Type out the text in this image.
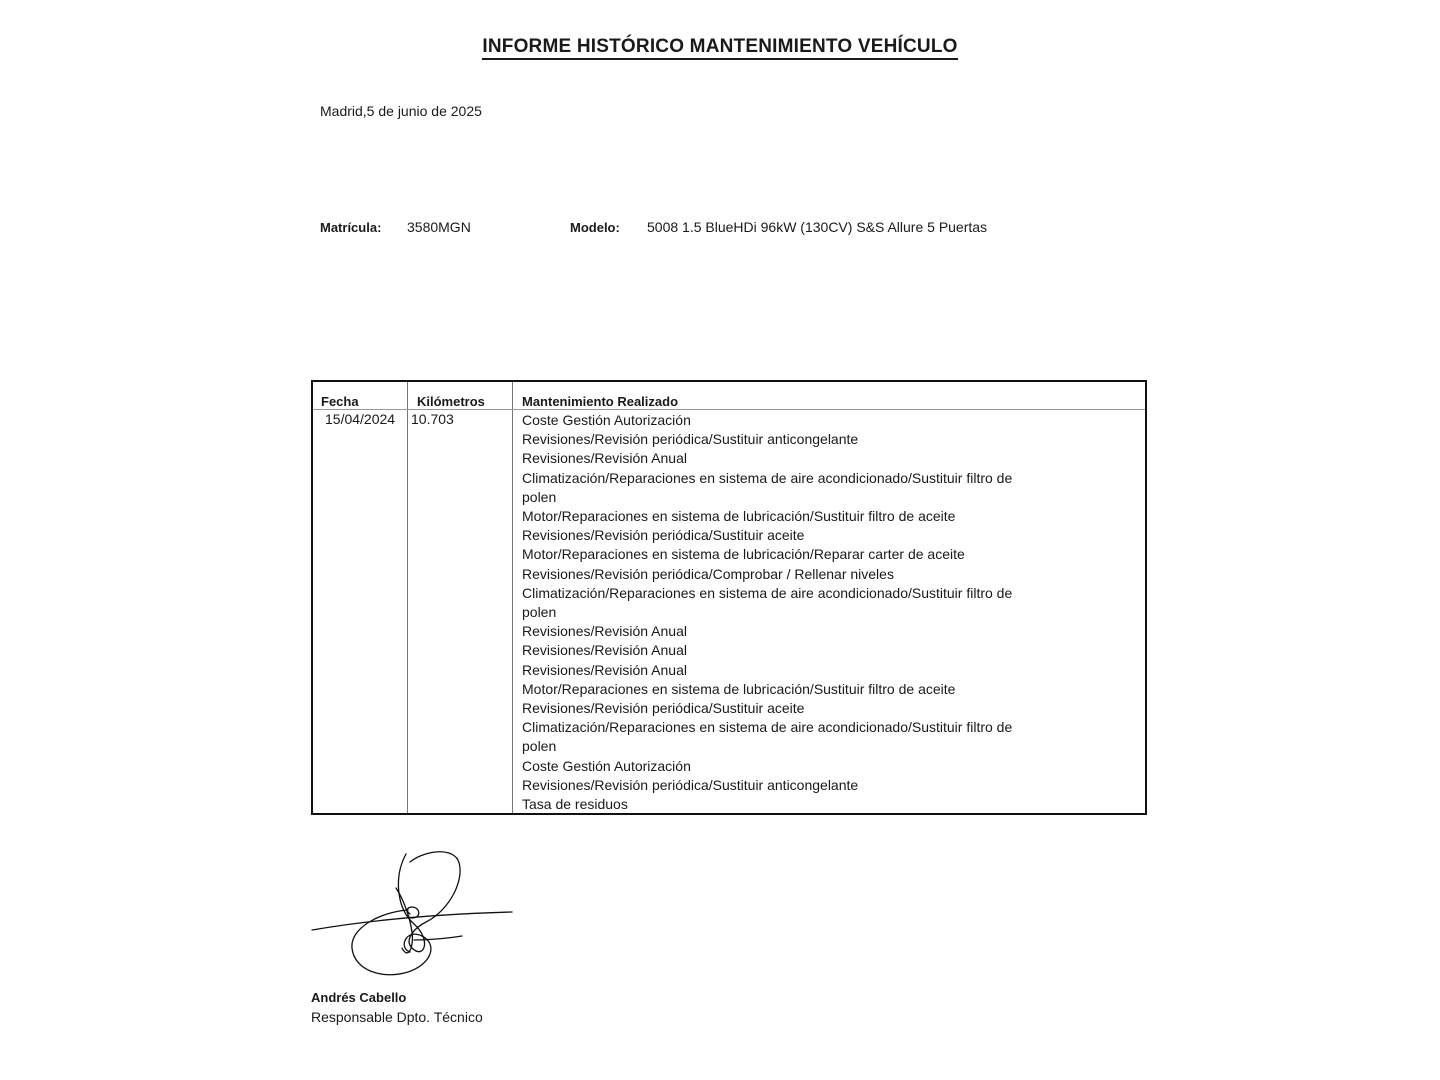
INFORME HISTÓRICO MANTENIMIENTO VEHÍCULO
Madrid,5 de junio de 2025
Matrícula: 3580MGN	Modelo: 5008 1.5 BlueHDi 96kW (130CV) S&S Allure 5 Puertas
Fecha	Kilómetros	Mantenimiento Realizado
15/04/2024 10.703	Coste Gestión Autorización
Revisiones/Revisión periódica/Sustituir anticongelante
Revisiones/Revisión Anual
Climatización/Reparaciones en sistema de aire acondicionado/Sustituir filtro de polen
Motor/Reparaciones en sistema de lubricación/Sustituir filtro de aceite
Revisiones/Revisión periódica/Sustituir aceite
Motor/Reparaciones en sistema de lubricación/Reparar carter de aceite
Revisiones/Revisión periódica/Comprobar / Rellenar niveles
Climatización/Reparaciones en sistema de aire acondicionado/Sustituir filtro de polen
Revisiones/Revisión Anual
Revisiones/Revisión Anual
Revisiones/Revisión Anual
Motor/Reparaciones en sistema de lubricación/Sustituir filtro de aceite
Revisiones/Revisión periódica/Sustituir aceite
Climatización/Reparaciones en sistema de aire acondicionado/Sustituir filtro de polen
Coste Gestión Autorización
Revisiones/Revisión periódica/Sustituir anticongelante
Tasa de residuos
Andrés Cabello
Responsable Dpto. Técnico
